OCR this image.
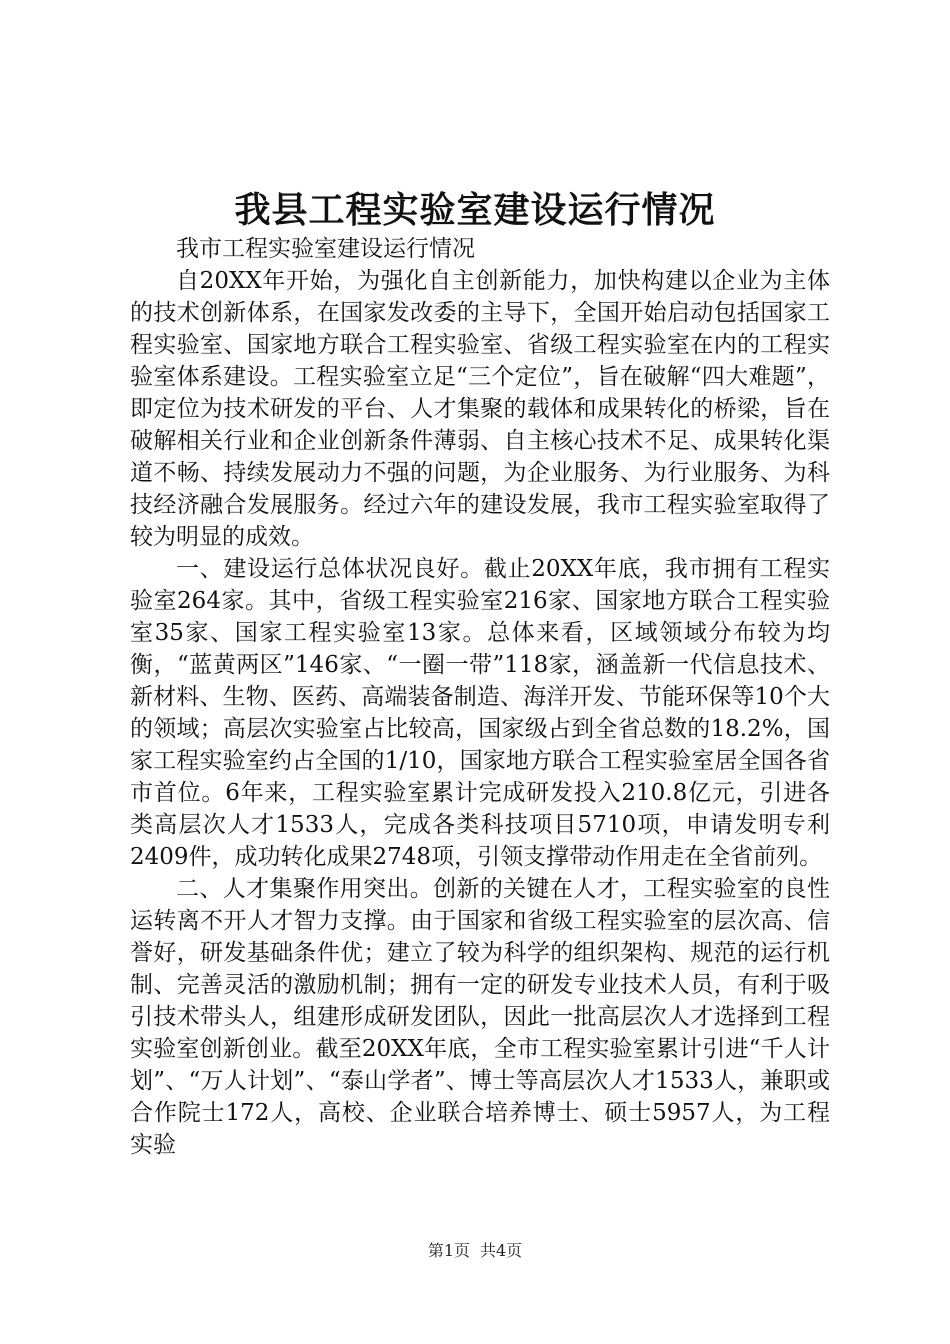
我县工程实验室建设运行情况

我市工程实验室建设运行情况

自20XX年开始，为强化自主创新能力，加快构建以企业为主体的技术创新体系，在国家发改委的主导下，全国开始启动包括国家工程实验室、国家地方联合工程实验室、省级工程实验室在内的工程实验室体系建设。工程实验室立足“三个定位”，旨在破解“四大难题”，即定位为技术研发的平台、人才集聚的载体和成果转化的桥梁，旨在破解相关行业和企业创新条件薄弱、自主核心技术不足、成果转化渠道不畅、持续发展动力不强的问题，为企业服务、为行业服务、为科技经济融合发展服务。经过六年的建设发展，我市工程实验室取得了较为明显的成效。

一、建设运行总体状况良好。截止20XX年底，我市拥有工程实验室264家。其中，省级工程实验室216家、国家地方联合工程实验室35家、国家工程实验室13家。总体来看，区域领域分布较为均衡，“蓝黄两区”146家、“一圈一带”118家，涵盖新一代信息技术、新材料、生物、医药、高端装备制造、海洋开发、节能环保等10个大的领域；高层次实验室占比较高，国家级占到全省总数的18.2%，国家工程实验室约占全国的1/10，国家地方联合工程实验室居全国各省市首位。6年来，工程实验室累计完成研发投入210.8亿元，引进各类高层次人才1533人，完成各类科技项目5710项，申请发明专利2409件，成功转化成果2748项，引领支撑带动作用走在全省前列。

二、人才集聚作用突出。创新的关键在人才，工程实验室的良性运转离不开人才智力支撑。由于国家和省级工程实验室的层次高、信誉好，研发基础条件优；建立了较为科学的组织架构、规范的运行机制、完善灵活的激励机制；拥有一定的研发专业技术人员，有利于吸引技术带头人，组建形成研发团队，因此一批高层次人才选择到工程实验室创新创业。截至20XX年底，全市工程实验室累计引进“千人计划”、“万人计划”、“泰山学者”、博士等高层次人才1533人，兼职或合作院士172人，高校、企业联合培养博士、硕士5957人，为工程实验

第1页 共4页
